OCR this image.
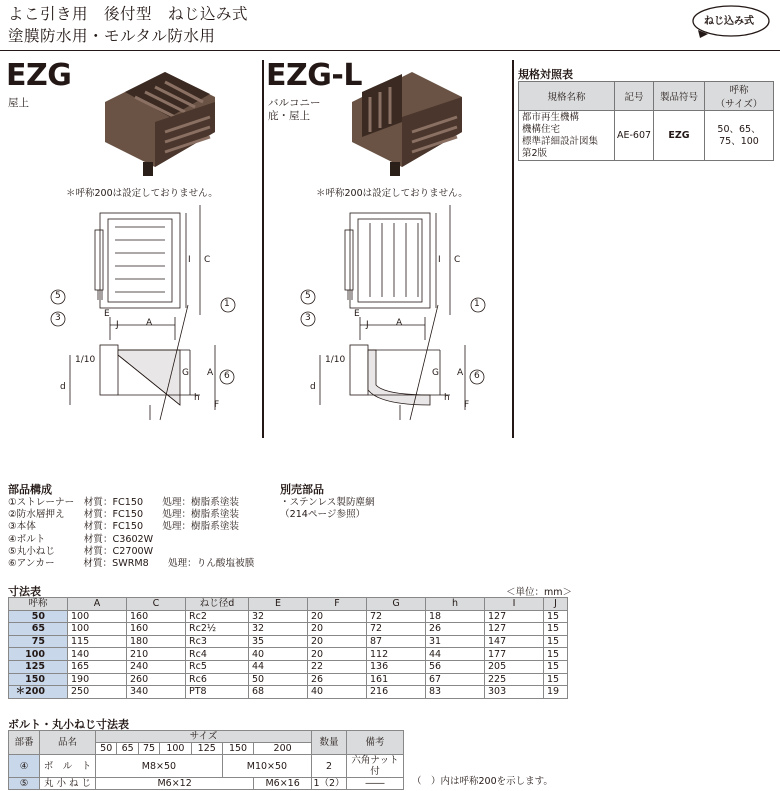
よこ引き用　後付型　ねじ込み式
塗膜防水用・モルタル防水用
ねじ込み式
EZG
屋上
＊呼称200は設定しておりません。
EZG-L
バルコニー
庇・屋上
＊呼称200は設定しておりません。
1
5
3
6
E
J	A
C
I
G A
h
F
d
1/10
1
5
3
6
E
J	A
C
I
G A
h
F
d
1/10
規格対照表
規格名称	記号	製品符号	呼称
（サイズ）
都市再生機構
機構住宅
標準詳細設計図集
第2版	AE-607	EZG	50、65、
75、100
部品構成
①ストレーナー　材質：FC150　　処理：樹脂系塗装
②防水層押え　　材質：FC150　　処理：樹脂系塗装
③本体　　　　　材質：FC150　　処理：樹脂系塗装
④ボルト　　　　材質：C3602W
⑤丸小ねじ　　　材質：C2700W
⑥アンカー　　　材質：SWRM8　　処理：りん酸塩被膜
別売部品
・ステンレス製防塵網
（214ページ参照）
寸法表	＜単位：mm＞
呼称	A	C	ねじ径d	E	F	G	h	I	J
50	100	160	Rc2	32	20	72	18	127	15
65	100	160	Rc2½	32	20	72	26	127	15
75	115	180	Rc3	35	20	87	31	147	15
100	140	210	Rc4	40	20	112	44	177	15
125	165	240	Rc5	44	22	136	56	205	15
150	190	260	Rc6	50	26	161	67	225	15
＊200	250	340	PT8	68	40	216	83	303	19
ボルト・丸小ねじ寸法表
部番	品名	サイズ							数量	備考
		50	65	75	100	125	150	200		
④	ボ　ル　ト	M8×50					M10×50		2	六角ナット付
⑤	丸 小 ね じ	M6×12						M6×16	1（2）	――	（　）内は呼称200を示します。
